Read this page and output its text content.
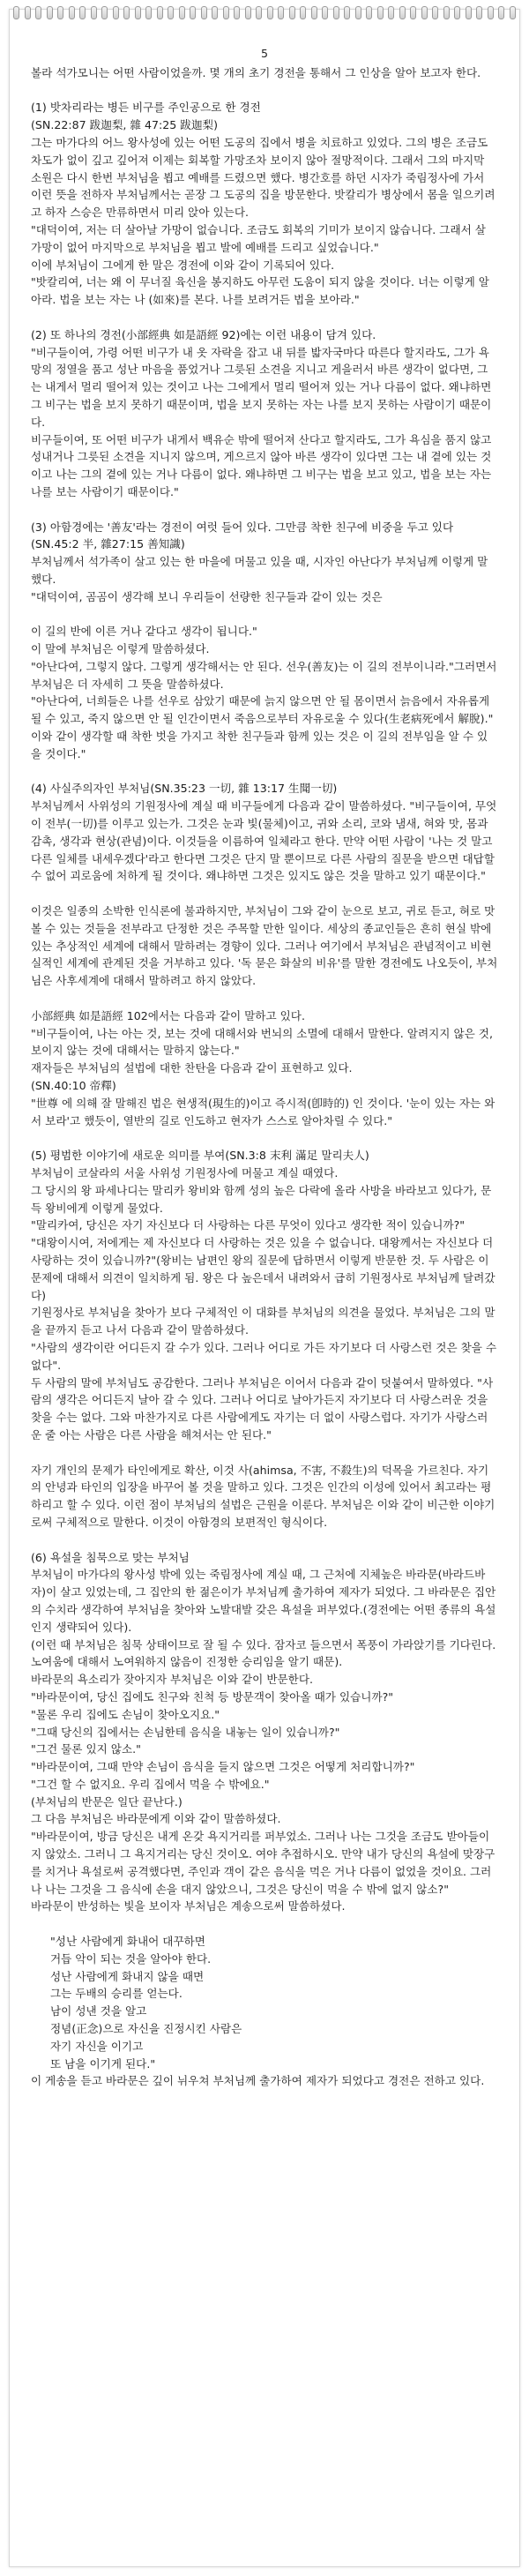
5

볼라 석가모니는 어떤 사람이었을까. 몇 개의 초기 경전을 통해서 그 인상을 알아 보고자 한다.

(1) 밧차리라는 병든 비구를 주인공으로 한 경전

(SN.22:87 跋迦梨, 雜 47:25 跋迦梨)

그는 마가다의 어느 왕사성에 있는 어떤 도공의 집에서 병을 치료하고 있었다. 그의 병은 조금도 차도가 없이 깊고 깊어져 이제는 회복할 가망조차 보이지 않아 절망적이다. 그래서 그의 마지막 소원은 다시 한번 부처님을 뵙고 예배를 드렸으면 했다. 병간호를 하던 시자가 죽림정사에 가서 이런 뜻을 전하자 부처님께서는 곧장 그 도공의 집을 방문한다. 밧칼리가 병상에서 몸을 일으키려고 하자 스승은 만류하면서 미리 앉아 있는다.

"대덕이여, 저는 더 살아날 가망이 없습니다. 조금도 회복의 기미가 보이지 않습니다. 그래서 살 가망이 없어 마지막으로 부처님을 뵙고 발에 예배를 드리고 싶었습니다."

이에 부처님이 그에게 한 말은 경전에 이와 같이 기록되어 있다.

"밧칼리여, 너는 왜 이 무너질 육신을 봉지하도 아무런 도움이 되지 않을 것이다. 너는 이렇게 알아라. 법을 보는 자는 나 (如來)를 본다. 나를 보려거든 법을 보아라."

(2) 또 하나의 경전(小部經典 如是語經 92)에는 이런 내용이 담겨 있다.

"비구들이여, 가령 어떤 비구가 내 옷 자락을 잡고 내 뒤를 밟자국마다 따른다 할지라도, 그가 욕망의 정열을 품고 성난 마음을 품었거나 그릇된 소견을 지니고 게을러서 바른 생각이 없다면, 그는 내게서 멀리 떨어져 있는 것이고 나는 그에게서 멀리 떨어져 있는 거나 다름이 없다. 왜냐하면 그 비구는 법을 보지 못하기 때문이며, 법을 보지 못하는 자는 나를 보지 못하는 사람이기 때문이다.

비구들이여, 또 어떤 비구가 내게서 백유순 밖에 떨어져 산다고 할지라도, 그가 욕심을 품지 않고 성내거나 그릇된 소견을 지니지 않으며, 게으르지 않아 바른 생각이 있다면 그는 내 곁에 있는 것이고 나는 그의 곁에 있는 거나 다름이 없다. 왜냐하면 그 비구는 법을 보고 있고, 법을 보는 자는 나를 보는 사람이기 때문이다."

(3) 아함경에는 '善友'라는 경전이 여럿 들어 있다. 그만큼 착한 친구에 비중을 두고 있다(SN.45:2 半, 雜27:15 善知識)

부처님께서 석가족이 살고 있는 한 마을에 머물고 있을 때, 시자인 아난다가 부처님께 이렇게 말했다.

"대덕이여, 곰곰이 생각해 보니 우리들이 선량한 친구들과 같이 있는 것은

이 길의 반에 이른 거나 같다고 생각이 됩니다."

이 말에 부처님은 이렇게 말씀하셨다.

"아난다여, 그렇지 않다. 그렇게 생각해서는 안 된다. 선우(善友)는 이 길의 전부이니라."그러면서 부처님은 더 자세히 그 뜻을 말씀하셨다.

"아난다여, 너희들은 나를 선우로 삼았기 때문에 늙지 않으면 안 될 몸이면서 늙음에서 자유롭게 될 수 있고, 죽지 않으면 안 될 인간이면서 죽음으로부터 자유로울 수 있다(生老病死에서 解脫)."

이와 같이 생각할 때 착한 벗을 가지고 착한 친구들과 함께 있는 것은 이 길의 전부임을 알 수 있을 것이다."

(4) 사실주의자인 부처님(SN.35:23 一切, 雜 13:17 生聞一切)

부처님께서 사위성의 기원정사에 계실 때 비구들에게 다음과 같이 말씀하셨다. "비구들이여, 무엇이 전부(一切)를 이루고 있는가. 그것은 눈과 빛(물체)이고, 귀와 소리, 코와 냄새, 혀와 맛, 몸과 감촉, 생각과 현상(관념)이다. 이것들을 이름하여 일체라고 한다. 만약 어떤 사람이 '나는 것 말고 다른 일체를 내세우겠다'라고 한다면 그것은 단지 말 뿐이므로 다른 사람의 질문을 받으면 대답할 수 없어 괴로움에 처하게 될 것이다. 왜냐하면 그것은 있지도 않은 것을 말하고 있기 때문이다."

이것은 일종의 소박한 인식론에 불과하지만, 부처님이 그와 같이 눈으로 보고, 귀로 듣고, 혀로 맛볼 수 있는 것들을 전부라고 단정한 것은 주목할 만한 일이다. 세상의 종교인들은 흔히 현실 밖에 있는 추상적인 세계에 대해서 말하려는 경향이 있다. 그러나 여기에서 부처님은 관념적이고 비현실적인 세계에 관계된 것을 거부하고 있다. '독 묻은 화살의 비유'를 말한 경전에도 나오듯이, 부처님은 사후세계에 대해서 말하려고 하지 않았다.

小部經典 如是語經 102에서는 다음과 같이 말하고 있다.

"비구들이여, 나는 아는 것, 보는 것에 대해서와 번뇌의 소멸에 대해서 말한다. 알려지지 않은 것, 보이지 않는 것에 대해서는 말하지 않는다."

재자들은 부처님의 설법에 대한 찬탄을 다음과 같이 표현하고 있다.

(SN.40:10 帝釋)

"世尊 에 의해 잘 말해진 법은 현생적(現生的)이고 즉시적(卽時的) 인 것이다. '눈이 있는 자는 와서 보라'고 했듯이, 열반의 길로 인도하고 현자가 스스로 알아차릴 수 있다."

(5) 평범한 이야기에 새로운 의미를 부여(SN.3:8 末利 滿足 말리夫人)

부처님이 코살라의 서울 사위성 기원정사에 머물고 계실 때였다.

그 당시의 왕 파세나디는 말리카 왕비와 함께 성의 높은 다락에 올라 사방을 바라보고 있다가, 문득 왕비에게 이렇게 물었다.

"말리카여, 당신은 자기 자신보다 더 사랑하는 다른 무엇이 있다고 생각한 적이 있습니까?"

"대왕이시여, 저에게는 제 자신보다 더 사랑하는 것은 있을 수 없습니다. 대왕께서는 자신보다 더 사랑하는 것이 있습니까?"(왕비는 남편인 왕의 질문에 답하면서 이렇게 반문한 것. 두 사람은 이 문제에 대해서 의견이 일치하게 됨. 왕은 다 높은데서 내려와서 급히 기원정사로 부처님께 달려갔다)

기원정사로 부처님을 찾아가 보다 구체적인 이 대화를 부처님의 의견을 물었다. 부처님은 그의 말을 끝까지 듣고 나서 다음과 같이 말씀하셨다.

"사람의 생각이란 어디든지 갈 수가 있다. 그러나 어디로 가든 자기보다 더 사랑스런 것은 찾을 수 없다".

두 사람의 말에 부처님도 공감한다. 그러나 부처님은 이어서 다음과 같이 덧붙여서 말하였다. "사람의 생각은 어디든지 날아 갈 수 있다. 그러나 어디로 날아가든지 자기보다 더 사랑스러운 것을 찾을 수는 없다. 그와 마찬가지로 다른 사람에게도 자기는 더 없이 사랑스럽다. 자기가 사랑스러운 줄 아는 사람은 다른 사람을 해쳐서는 안 된다."

자기 개인의 문제가 타인에게로 확산, 이것 사(ahimsa, 不害, 不殺生)의 덕목을 가르친다. 자기의 안녕과 타인의 입장을 바꾸어 볼 것을 말하고 있다. 그것은 인간의 이성에 있어서 최고라는 평하리고 할 수 있다. 이런 점이 부처님의 설법은 근원을 이룬다. 부처님은 이와 같이 비근한 이야기로써 구체적으로 말한다. 이것이 아함경의 보편적인 형식이다.

(6) 욕설을 침묵으로 맞는 부처님

부처님이 마가다의 왕사성 밖에 있는 죽림정사에 계실 때, 그 근처에 지체높은 바라문(바라드바자)이 살고 있었는데, 그 집안의 한 젊은이가 부처님께 출가하여 제자가 되었다. 그 바라문은 집안의 수치라 생각하여 부처님을 찾아와 노발대발 갖은 욕설을 퍼부었다.(경전에는 어떤 종류의 욕설인지 생략되어 있다).

(이런 때 부처님은 침묵 상태이므로 잘 될 수 있다. 잠자코 들으면서 폭풍이 가라앉기를 기다린다.

노여움에 대해서 노여워하지 않음이 진정한 승리임을 알기 때문).

바라문의 욕소리가 잦아지자 부처님은 이와 같이 반문한다.

"바라문이여, 당신 집에도 친구와 친척 등 방문객이 찾아올 때가 있습니까?"

"물론 우리 집에도 손님이 찾아오지요."

"그때 당신의 집에서는 손님한테 음식을 내놓는 일이 있습니까?"

"그건 물론 있지 않소."

"바라문이여, 그때 만약 손님이 음식을 들지 않으면 그것은 어떻게 처리합니까?"

"그건 할 수 없지요. 우리 집에서 먹을 수 밖에요."

(부처님의 반문은 일단 끝난다.)

그 다음 부처님은 바라문에게 이와 같이 말씀하셨다.

"바라문이여, 방금 당신은 내게 온갖 욕지거리를 퍼부었소. 그러나 나는 그것을 조금도 받아들이지 않았소. 그러니 그 욕지거리는 당신 것이오. 여야 추접하시오. 만약 내가 당신의 욕설에 맞장구를 치거나 욕설로써 공격했다면, 주인과 객이 같은 음식을 먹은 거나 다름이 없었을 것이요. 그러나 나는 그것을 그 음식에 손을 대지 않았으니, 그것은 당신이 먹을 수 밖에 없지 않소?"

바라문이 반성하는 빛을 보이자 부처님은 계송으로써 말씀하셨다.

"성난 사람에게 화내어 대꾸하면

거듭 악이 되는 것을 알아야 한다.

성난 사람에게 화내지 않을 때면

그는 두배의 승리를 얻는다.

남이 성낸 것을 알고

정념(正念)으로 자신을 진정시킨 사람은

자기 자신을 이기고

또 남을 이기게 된다."

이 게송을 듣고 바라문은 깊이 뉘우쳐 부처님께 출가하여 제자가 되었다고 경전은 전하고 있다.
